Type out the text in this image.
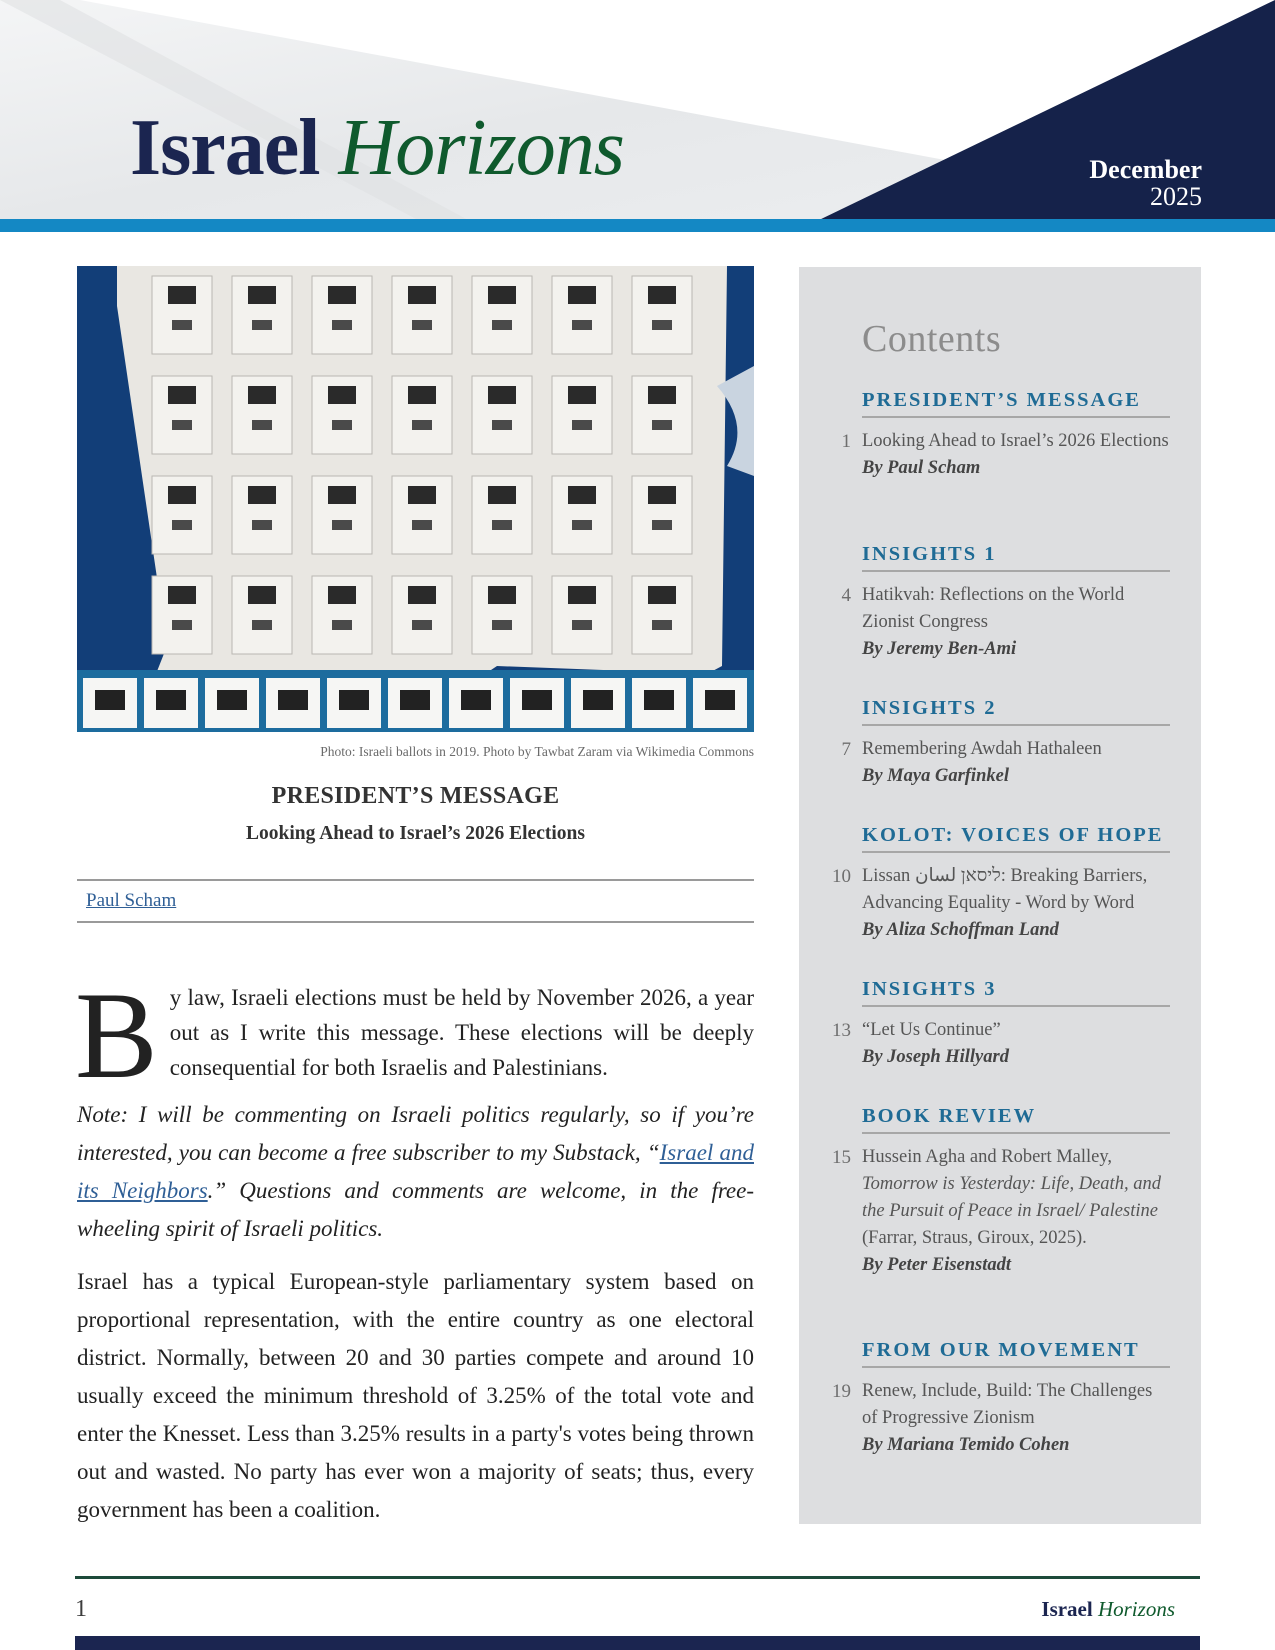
Israel Horizons	December
2025
Photo: Israeli ballots in 2019. Photo by Tawbat Zaram via Wikimedia Commons
PRESIDENT’S MESSAGE
Looking Ahead to Israel’s 2026 Elections
Paul Scham
B y law, Israeli elections must be held by November 2026, a year out as I write this message. These elections will be deeply consequential for both Israelis and Palestinians.
Note: I will be commenting on Israeli politics regularly, so if you’re interested, you can become a free subscriber to my Substack, “Israel and its Neighbors.” Questions and comments are welcome, in the free-wheeling spirit of Israeli politics.
Israel has a typical European-style parliamentary system based on proportional representation, with the entire country as one electoral district. Normally, between 20 and 30 parties compete and around 10 usually exceed the minimum threshold of 3.25% of the total vote and enter the Knesset. Less than 3.25% results in a party's votes being thrown out and wasted. No party has ever won a majority of seats; thus, every government has been a coalition.
Contents
PRESIDENT’S MESSAGE
1 Looking Ahead to Israel’s 2026 Elections
By Paul Scham
INSIGHTS 1
4 Hatikvah: Reflections on the World Zionist Congress
By Jeremy Ben-Ami
INSIGHTS 2
7 Remembering Awdah Hathaleen
By Maya Garfinkel
KOLOT: VOICES OF HOPE
10 Lissan ליסאן لسان: Breaking Barriers, Advancing Equality - Word by Word
By Aliza Schoffman Land
INSIGHTS 3
13 “Let Us Continue”
By Joseph Hillyard
BOOK REVIEW
15 Hussein Agha and Robert Malley, Tomorrow is Yesterday: Life, Death, and the Pursuit of Peace in Israel/ Palestine (Farrar, Straus, Giroux, 2025).
By Peter Eisenstadt
FROM OUR MOVEMENT
19 Renew, Include, Build: The Challenges of Progressive Zionism
By Mariana Temido Cohen
1	Israel Horizons
